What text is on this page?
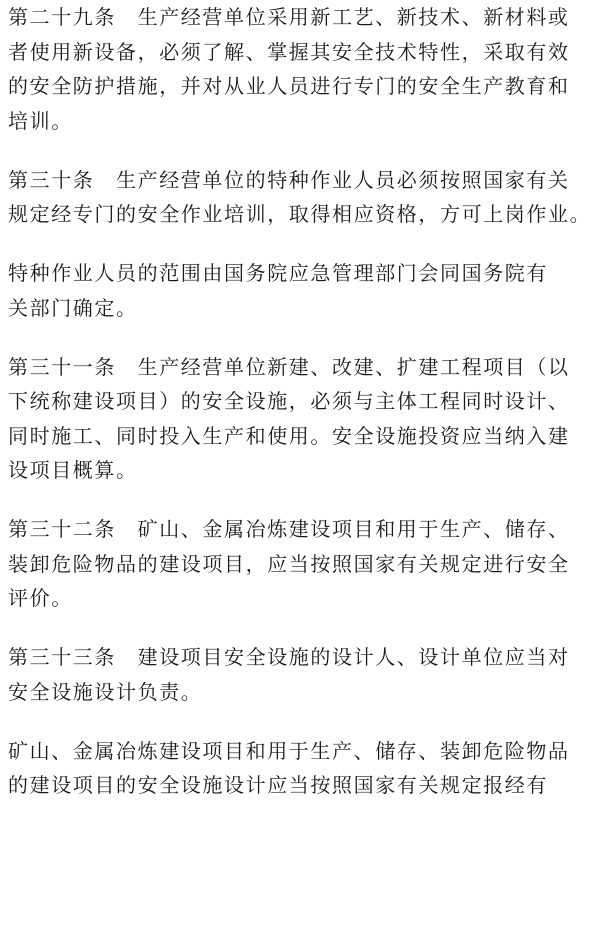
第二十九条　生产经营单位采用新工艺、新技术、新材料或
者使用新设备，必须了解、掌握其安全技术特性，采取有效
的安全防护措施，并对从业人员进行专门的安全生产教育和
培训。

第三十条　生产经营单位的特种作业人员必须按照国家有关
规定经专门的安全作业培训，取得相应资格，方可上岗作业。

特种作业人员的范围由国务院应急管理部门会同国务院有
关部门确定。

第三十一条　生产经营单位新建、改建、扩建工程项目（以
下统称建设项目）的安全设施，必须与主体工程同时设计、
同时施工、同时投入生产和使用。安全设施投资应当纳入建
设项目概算。

第三十二条　矿山、金属冶炼建设项目和用于生产、储存、
装卸危险物品的建设项目，应当按照国家有关规定进行安全
评价。

第三十三条　建设项目安全设施的设计人、设计单位应当对
安全设施设计负责。

矿山、金属冶炼建设项目和用于生产、储存、装卸危险物品
的建设项目的安全设施设计应当按照国家有关规定报经有
